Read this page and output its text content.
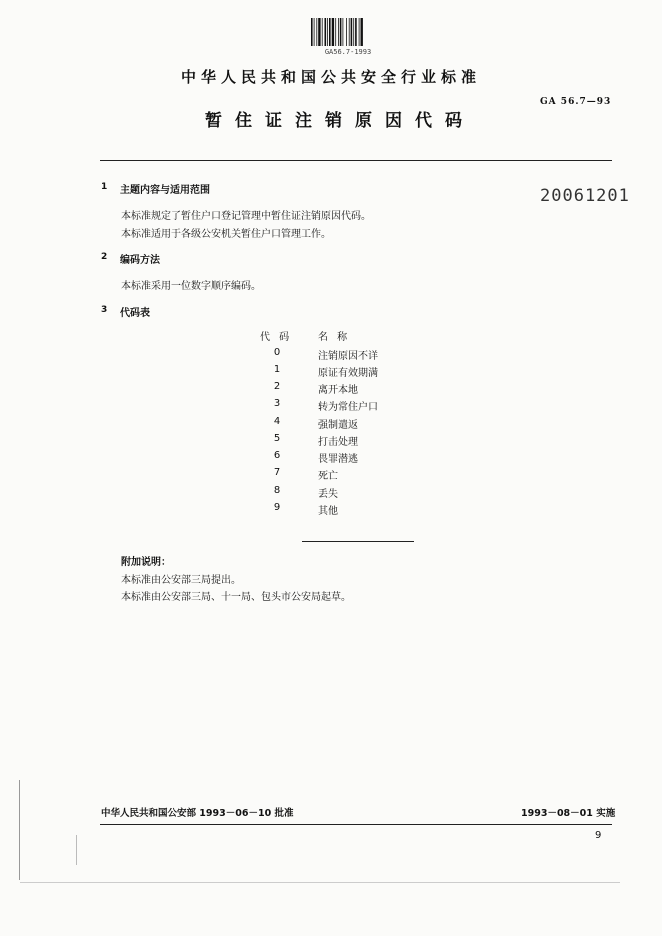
GA56.7-1993
中华人民共和国公共安全行业标准
GA 56.7—93
暂住证注销原因代码
20061201
1 主题内容与适用范围
本标准规定了暂住户口登记管理中暂住证注销原因代码。
本标准适用于各级公安机关暂住户口管理工作。
2 编码方法
本标准采用一位数字顺序编码。
3 代码表
代 码	名 称
0	注销原因不详
1	原证有效期满
2	离开本地
3	转为常住户口
4	强制遣返
5	打击处理
6	畏罪潜逃
7	死亡
8	丢失
9	其他
附加说明：
本标准由公安部三局提出。
本标准由公安部三局、十一局、包头市公安局起草。
中华人民共和国公安部 1993－06－10 批准	1993－08－01 实施
9
